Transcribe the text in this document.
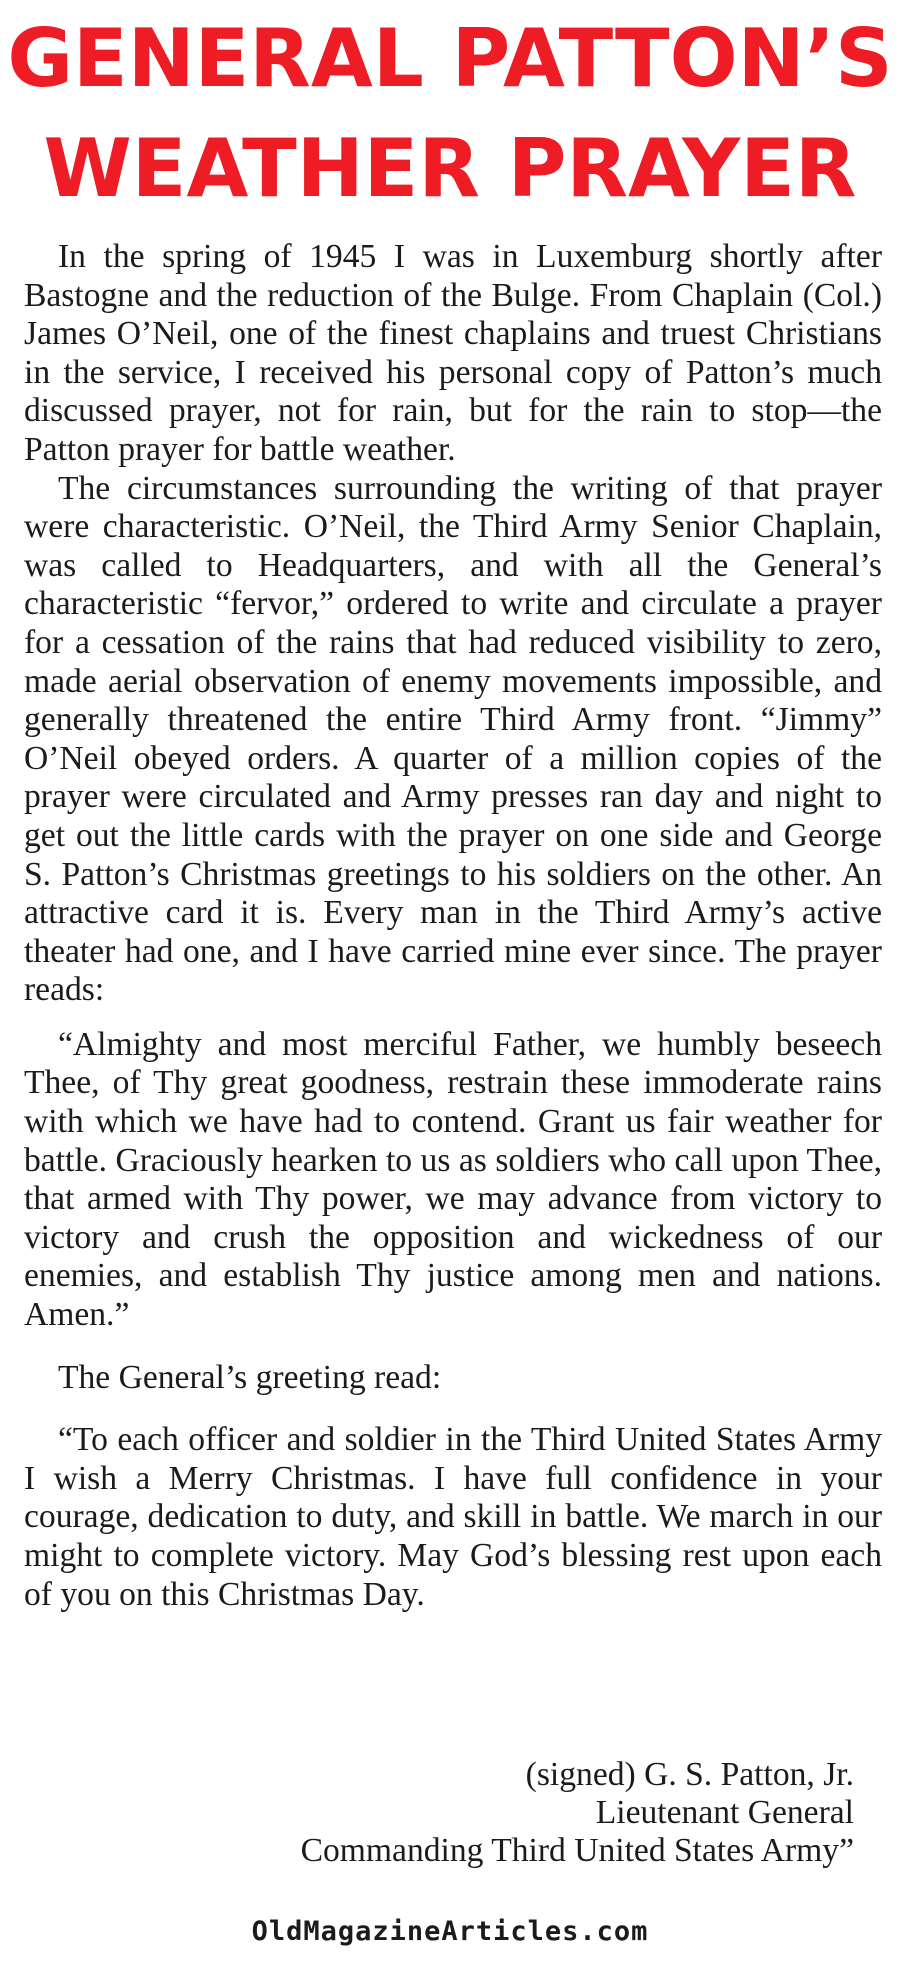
GENERAL PATTON’S
WEATHER PRAYER

In the spring of 1945 I was in Luxemburg shortly after Bastogne and the reduction of the Bulge. From Chaplain (Col.) James O’Neil, one of the finest chaplains and truest Christians in the service, I received his personal copy of Patton’s much discussed prayer, not for rain, but for the rain to stop—the Patton prayer for battle weather.

The circumstances surrounding the writing of that prayer were characteristic. O’Neil, the Third Army Senior Chaplain, was called to Headquarters, and with all the General’s characteristic “fervor,” ordered to write and circulate a prayer for a cessation of the rains that had reduced visibility to zero, made aerial observation of enemy movements impossible, and generally threatened the entire Third Army front. “Jimmy” O’Neil obeyed orders. A quarter of a million copies of the prayer were circulated and Army presses ran day and night to get out the little cards with the prayer on one side and George S. Patton’s Christmas greetings to his soldiers on the other. An attractive card it is. Every man in the Third Army’s active theater had one, and I have carried mine ever since. The prayer reads:

“Almighty and most merciful Father, we humbly beseech Thee, of Thy great goodness, restrain these immoderate rains with which we have had to contend. Grant us fair weather for battle. Graciously hearken to us as soldiers who call upon Thee, that armed with Thy power, we may advance from victory to victory and crush the opposition and wickedness of our enemies, and establish Thy justice among men and nations. Amen.”

The General’s greeting read:

“To each officer and soldier in the Third United States Army I wish a Merry Christmas. I have full confidence in your courage, dedication to duty, and skill in battle. We march in our might to complete victory. May God’s blessing rest upon each of you on this Christmas Day.

(signed) G. S. Patton, Jr.
Lieutenant General
Commanding Third United States Army”
OldMagazineArticles.com
